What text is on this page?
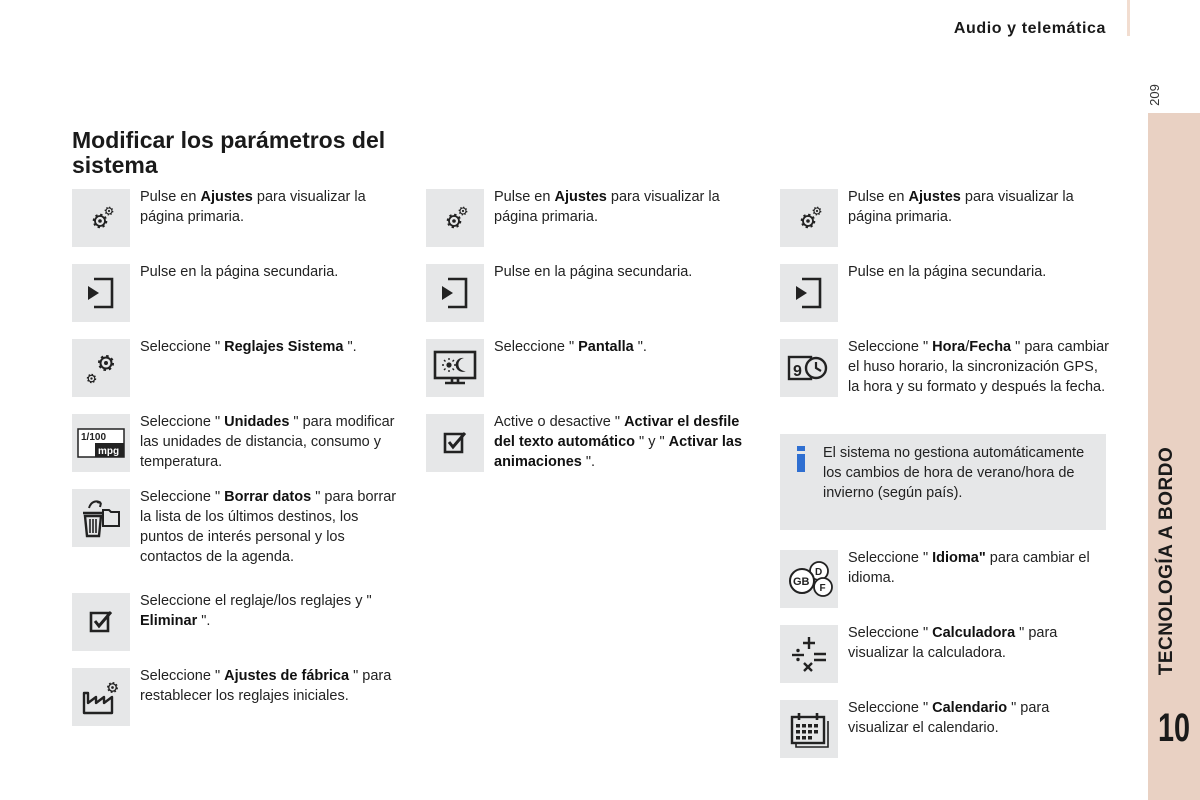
Audio y telemática
209
TECNOLOGÍA A BORDO
10
Modificar los parámetros del sistema
Pulse en Ajustes para visualizar la página primaria.
Pulse en la página secundaria.
Seleccione " Reglajes Sistema ".
1/100
mpg
Seleccione " Unidades " para modificar las unidades de distancia, consumo y temperatura.
Seleccione " Borrar datos " para borrar la lista de los últimos destinos, los puntos de interés personal y los contactos de la agenda.
Seleccione el reglaje/los reglajes y " Eliminar ".
Seleccione " Ajustes de fábrica " para restablecer los reglajes iniciales.
Pulse en Ajustes para visualizar la página primaria.
Pulse en la página secundaria.
Seleccione " Pantalla ".
Active o desactive " Activar el desfile del texto automático " y " Activar las animaciones ".
Pulse en Ajustes para visualizar la página primaria.
Pulse en la página secundaria.
9
Seleccione " Hora/Fecha " para cambiar el huso horario, la sincronización GPS, la hora y su formato y después la fecha.
El sistema no gestiona automáticamente los cambios de hora de verano/hora de invierno (según país).
D
F
GB
Seleccione " Idioma" para cambiar el idioma.
Seleccione " Calculadora " para visualizar la calculadora.
Seleccione " Calendario " para visualizar el calendario.
